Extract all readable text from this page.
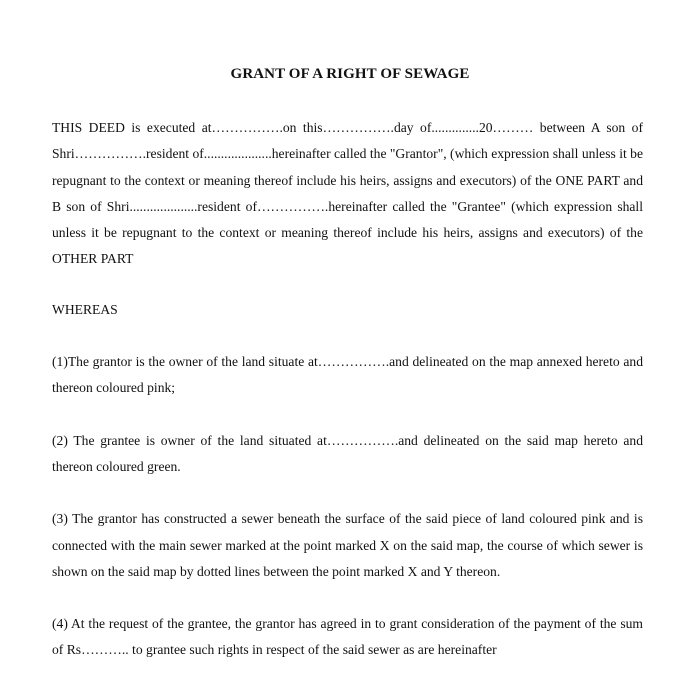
GRANT OF A RIGHT OF SEWAGE

THIS DEED is executed at…………….on this…………….day of..............20……… between A son of Shri…………….resident of....................hereinafter called the "Grantor", (which expression shall unless it be repugnant to the context or meaning thereof include his heirs, assigns and executors) of the ONE PART and B son of Shri....................resident of…………….hereinafter called the "Grantee" (which expression shall unless it be repugnant to the context or meaning thereof include his heirs, assigns and executors) of the OTHER PART

WHEREAS

(1)The grantor is the owner of the land situate at…………….and delineated on the map annexed hereto and thereon coloured pink;

(2) The grantee is owner of the land situated at…………….and delineated on the said map hereto and thereon coloured green.

(3) The grantor has constructed a sewer beneath the surface of the said piece of land coloured pink and is connected with the main sewer marked at the point marked X on the said map, the course of which sewer is shown on the said map by dotted lines between the point marked X and Y thereon.

(4) At the request of the grantee, the grantor has agreed in to grant consideration of the payment of the sum of Rs……….. to grantee such rights in respect of the said sewer as are hereinafter
